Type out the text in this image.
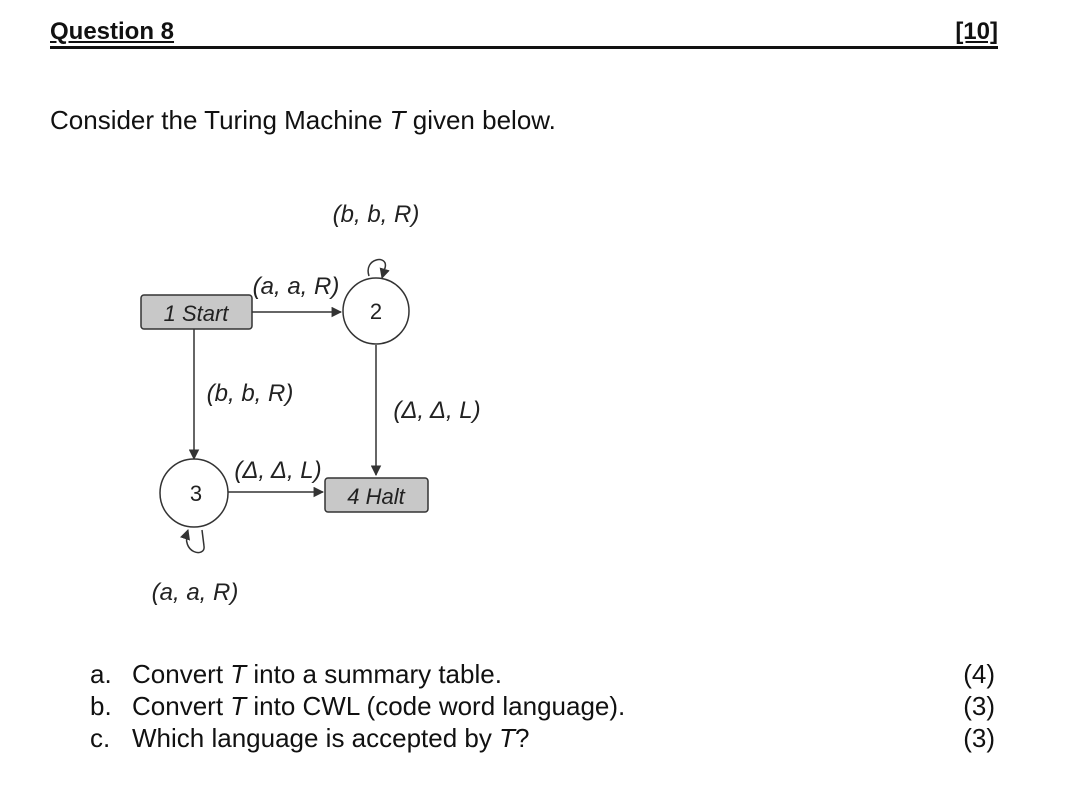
Question 8	[10]
Consider the Turing Machine T given below.
1 Start	2
3	4 Halt
(b, b, R)
(a, a, R)
(b, b, R)
(Δ, Δ, L)
(Δ, Δ, L)
(a, a, R)
a. Convert T into a summary table.	(4)
b. Convert T into CWL (code word language).	(3)
c. Which language is accepted by T?	(3)
